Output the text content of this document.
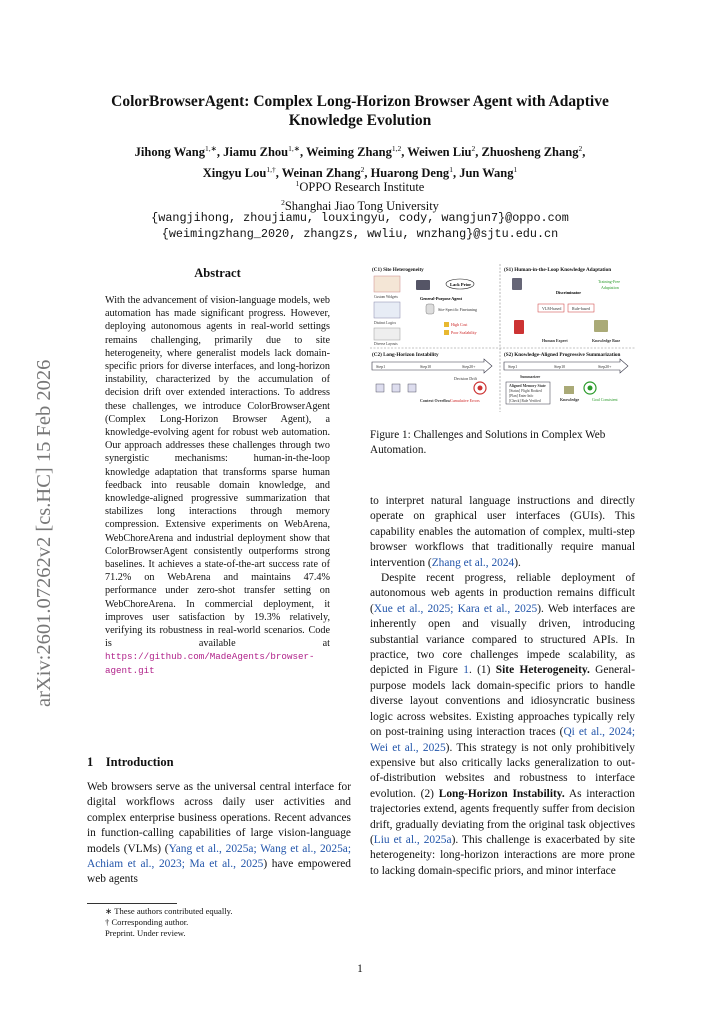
ColorBrowserAgent: Complex Long-Horizon Browser Agent with Adaptive
Knowledge Evolution
Jihong Wang$^{1,∗}$, Jiamu Zhou$^{1,∗}$, Weiming Zhang$^{1,2}$, Weiwen Liu$^2$, Zhuosheng Zhang$^2$,
Xingyu Lou$^{1,\dagger}$, Weinan Zhang$^2$, Huarong Deng$^1$, Jun Wang$^1$
$^1$OPPO Research Institute
$^2$Shanghai Jiao Tong University
{wangjihong, zhoujiamu, louxingyu, cody, wangjun7}@oppo.com
{weimingzhang_2020, zhangzs, wwliu, wnzhang}@sjtu.edu.cn
arXiv:2601.07262v2 [cs.HC] 15 Feb 2026
Abstract
With the advancement of vision-language models, web automation has made significant progress. However, deploying autonomous agents in real-world settings remains challenging, primarily due to site heterogeneity, where generalist models lack domain-specific priors for diverse interfaces, and long-horizon instability, characterized by the accumulation of decision drift over extended interactions. To address these challenges, we introduce ColorBrowserAgent (Complex Long-Horizon Browser Agent), a knowledge-evolving agent for robust web automation. Our approach addresses these challenges through two synergistic mechanisms: human-in-the-loop knowledge adaptation that transforms sparse human feedback into reusable domain knowledge, and knowledge-aligned progressive summarization that stabilizes long interactions through memory compression. Extensive experiments on WebArena, WebChoreArena and industrial deployment show that ColorBrowserAgent consistently outperforms strong baselines. It achieves a state-of-the-art success rate of 71.2% on WebArena and maintains 47.4% performance under zero-shot transfer setting on WebChoreArena. In commercial deployment, it improves user satisfaction by 19.3% relatively, verifying its robustness in real-world scenarios. Code is available at https://github.com/MadeAgents/browser-agent.git
1 Introduction
Web browsers serve as the universal central interface for digital workflows across daily user activities and complex enterprise business operations. Recent advances in function-calling capabilities of large vision-language models (VLMs) (Yang et al., 2025a; Wang et al., 2025a; Achiam et al., 2023; Ma et al., 2025) have empowered web agents
∗ These authors contributed equally.
† Corresponding author.
Preprint. Under review.
(C1) Site Heterogeneity
Custom Widgets
Distinct Logics
Diverse Layouts
Lack Prior
General-Purpose Agent
Site-Specific Finetuning
High Cost
Poor Scalability
(S1) Human-in-the-Loop Knowledge Adaptation
Training-Free
Adaptation
Discriminator
VLM-based	Rule-based
Human Expert	Knowledge Base
(C2) Long-Horizon Instability
Step1	Step10	Step20+
Decision Drift
Context Overflow Cumulative Errors
(S2) Knowledge-Aligned Progressive Summarization
Step1	Step10	Step20+
Summarizer
Aligned Memory State
[Status] Flight Booked
[Plan] Enter Info
[Check] Rule Verified	Knowledge	Goal Consistent
Figure 1: Challenges and Solutions in Complex Web Automation.

to interpret natural language instructions and directly operate on graphical user interfaces (GUIs). This capability enables the automation of complex, multi-step browser workflows that traditionally require manual intervention (Zhang et al., 2024).

Despite recent progress, reliable deployment of autonomous web agents in production remains difficult (Xue et al., 2025; Kara et al., 2025). Web interfaces are inherently open and visually driven, introducing substantial variance compared to structured APIs. In practice, two core challenges impede scalability, as depicted in Figure 1. (1) Site Heterogeneity. General-purpose models lack domain-specific priors to handle diverse layout conventions and idiosyncratic business logic across websites. Existing approaches typically rely on post-training using interaction traces (Qi et al., 2024; Wei et al., 2025). This strategy is not only prohibitively expensive but also critically lacks generalization to out-of-distribution websites and robustness to interface evolution. (2) Long-Horizon Instability. As interaction trajectories extend, agents frequently suffer from decision drift, gradually deviating from the original task objectives (Liu et al., 2025a). This challenge is exacerbated by site heterogeneity: long-horizon interactions are more prone to lacking domain-specific priors, and minor interface

1
